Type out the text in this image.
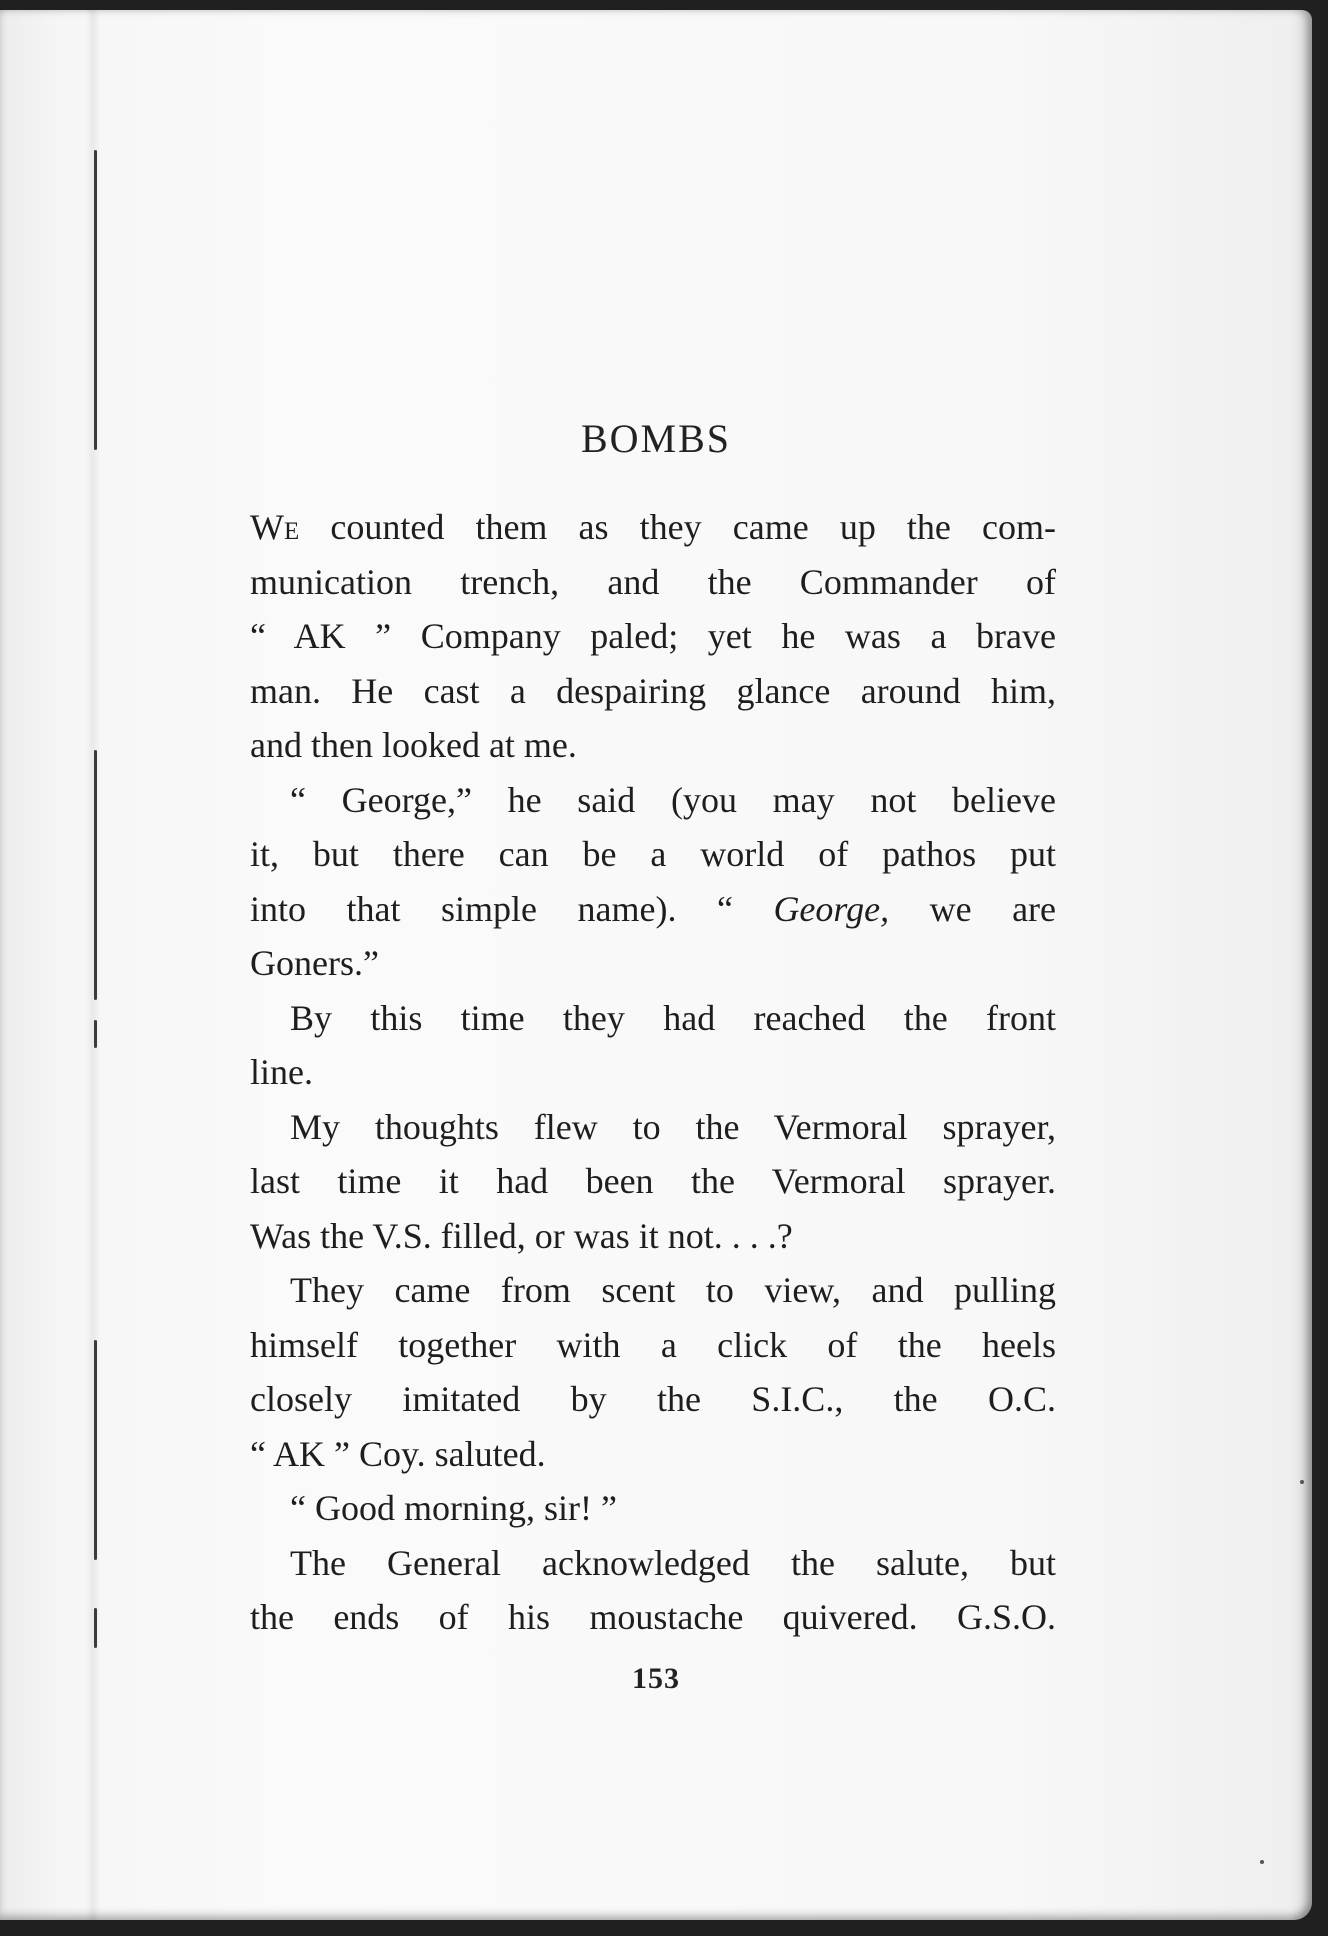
BOMBS
We counted them as they came up the com-
munication trench, and the Commander of
“ AK ” Company paled; yet he was a brave
man. He cast a despairing glance around him,
and then looked at me.
“ George,” he said (you may not believe
it, but there can be a world of pathos put
into that simple name). “ George, we are
Goners.”
By this time they had reached the front
line.
My thoughts flew to the Vermoral sprayer,
last time it had been the Vermoral sprayer.
Was the V.S. filled, or was it not. . . .?
They came from scent to view, and pulling
himself together with a click of the heels
closely imitated by the S.I.C., the O.C.
“ AK ” Coy. saluted.
“ Good morning, sir! ”
The General acknowledged the salute, but
the ends of his moustache quivered. G.S.O.
153
